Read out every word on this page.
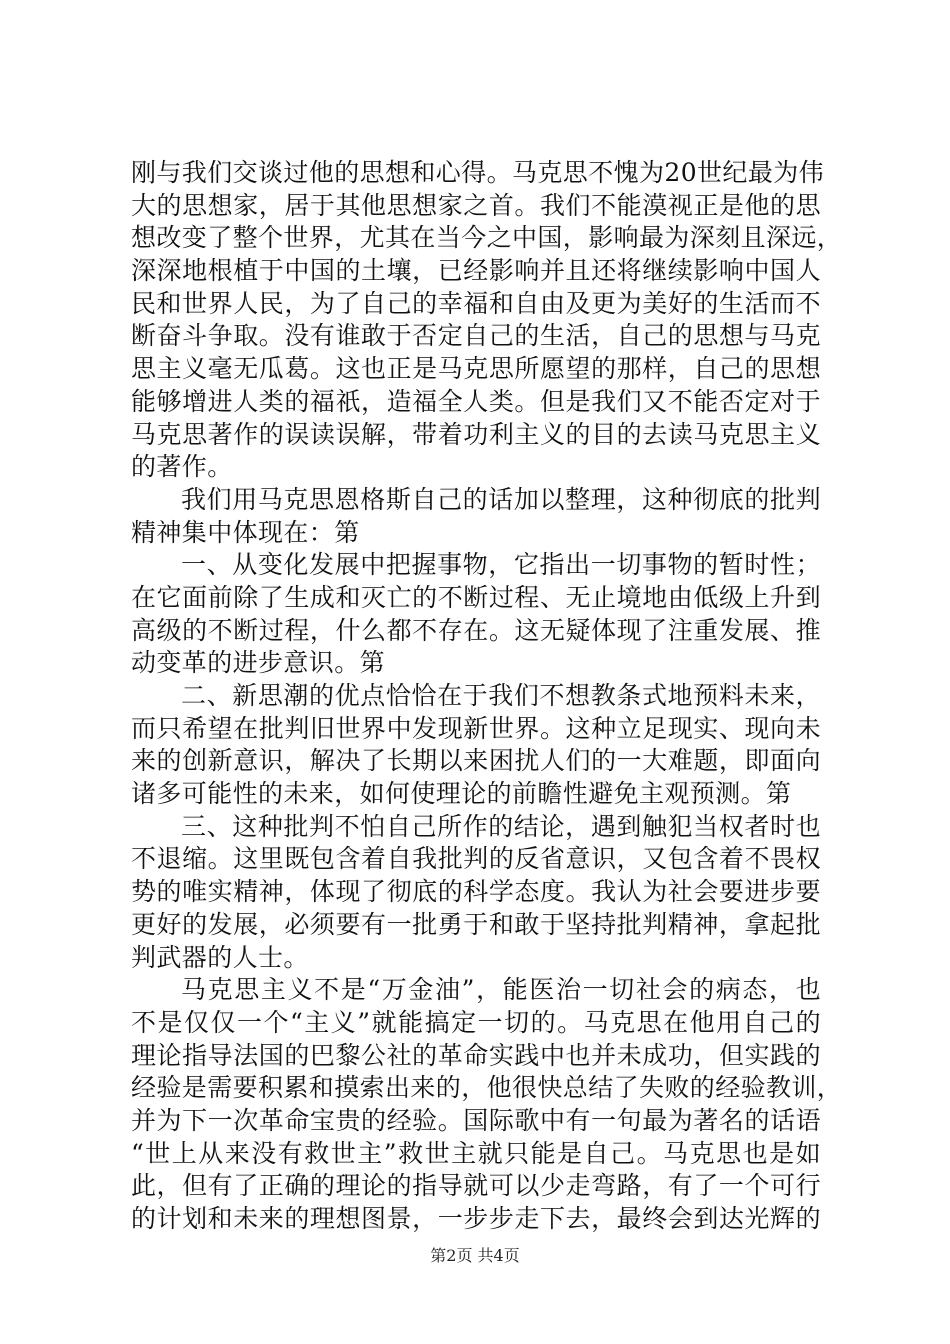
刚与我们交谈过他的思想和心得。马克思不愧为20世纪最为伟
大的思想家，居于其他思想家之首。我们不能漠视正是他的思
想改变了整个世界，尤其在当今之中国，影响最为深刻且深远，
深深地根植于中国的土壤，已经影响并且还将继续影响中国人
民和世界人民，为了自己的幸福和自由及更为美好的生活而不
断奋斗争取。没有谁敢于否定自己的生活，自己的思想与马克
思主义毫无瓜葛。这也正是马克思所愿望的那样，自己的思想
能够增进人类的福祇，造福全人类。但是我们又不能否定对于
马克思著作的误读误解，带着功利主义的目的去读马克思主义
的著作。
我们用马克思恩格斯自己的话加以整理，这种彻底的批判
精神集中体现在：第
一、从变化发展中把握事物，它指出一切事物的暂时性；
在它面前除了生成和灭亡的不断过程、无止境地由低级上升到
高级的不断过程，什么都不存在。这无疑体现了注重发展、推
动变革的进步意识。第
二、新思潮的优点恰恰在于我们不想教条式地预料未来，
而只希望在批判旧世界中发现新世界。这种立足现实、现向未
来的创新意识，解决了长期以来困扰人们的一大难题，即面向
诸多可能性的未来，如何使理论的前瞻性避免主观预测。第
三、这种批判不怕自己所作的结论，遇到触犯当权者时也
不退缩。这里既包含着自我批判的反省意识，又包含着不畏权
势的唯实精神，体现了彻底的科学态度。我认为社会要进步要
更好的发展，必须要有一批勇于和敢于坚持批判精神，拿起批
判武器的人士。
马克思主义不是“万金油”，能医治一切社会的病态，也
不是仅仅一个“主义”就能搞定一切的。马克思在他用自己的
理论指导法国的巴黎公社的革命实践中也并未成功，但实践的
经验是需要积累和摸索出来的，他很快总结了失败的经验教训，
并为下一次革命宝贵的经验。国际歌中有一句最为著名的话语
“世上从来没有救世主”救世主就只能是自己。马克思也是如
此，但有了正确的理论的指导就可以少走弯路，有了一个可行
的计划和未来的理想图景，一步步走下去，最终会到达光辉的
第2页 共4页
